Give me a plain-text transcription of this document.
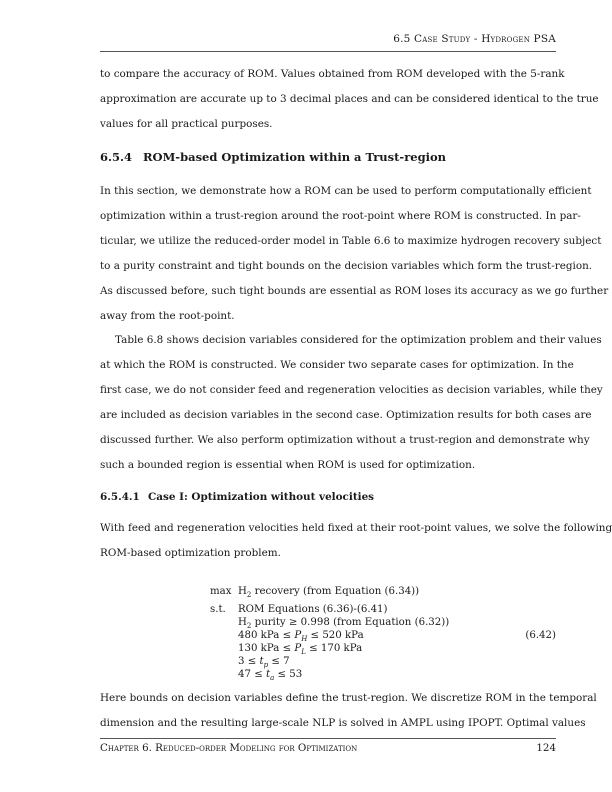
6.5 Case Study - Hydrogen PSA
to compare the accuracy of ROM. Values obtained from ROM developed with the 5-rank
approximation are accurate up to 3 decimal places and can be considered identical to the true
values for all practical purposes.
6.5.4 ROM-based Optimization within a Trust-region
In this section, we demonstrate how a ROM can be used to perform computationally efficient
optimization within a trust-region around the root-point where ROM is constructed. In par-
ticular, we utilize the reduced-order model in Table 6.6 to maximize hydrogen recovery subject
to a purity constraint and tight bounds on the decision variables which form the trust-region.
As discussed before, such tight bounds are essential as ROM loses its accuracy as we go further
away from the root-point.
Table 6.8 shows decision variables considered for the optimization problem and their values
at which the ROM is constructed. We consider two separate cases for optimization. In the
first case, we do not consider feed and regeneration velocities as decision variables, while they
are included as decision variables in the second case. Optimization results for both cases are
discussed further. We also perform optimization without a trust-region and demonstrate why
such a bounded region is essential when ROM is used for optimization.
6.5.4.1 Case I: Optimization without velocities
With feed and regeneration velocities held fixed at their root-point values, we solve the following
ROM-based optimization problem.
$\max H_2$ recovery (from Equation (6.34))
s.t. ROM Equations (6.36)-(6.41)
$H_2$ purity ≥ 0.998 (from Equation (6.32))
480 kPa ≤ $P_H \le 520$ kPa
130 kPa ≤ $P_L \le 170$ kPa
$3 \le t_p \le 7$
$47 \le t_a \le 53$
(6.42)
Here bounds on decision variables define the trust-region. We discretize ROM in the temporal
dimension and the resulting large-scale NLP is solved in AMPL using IPOPT. Optimal values
Chapter 6. Reduced-order Modeling for Optimization	124
